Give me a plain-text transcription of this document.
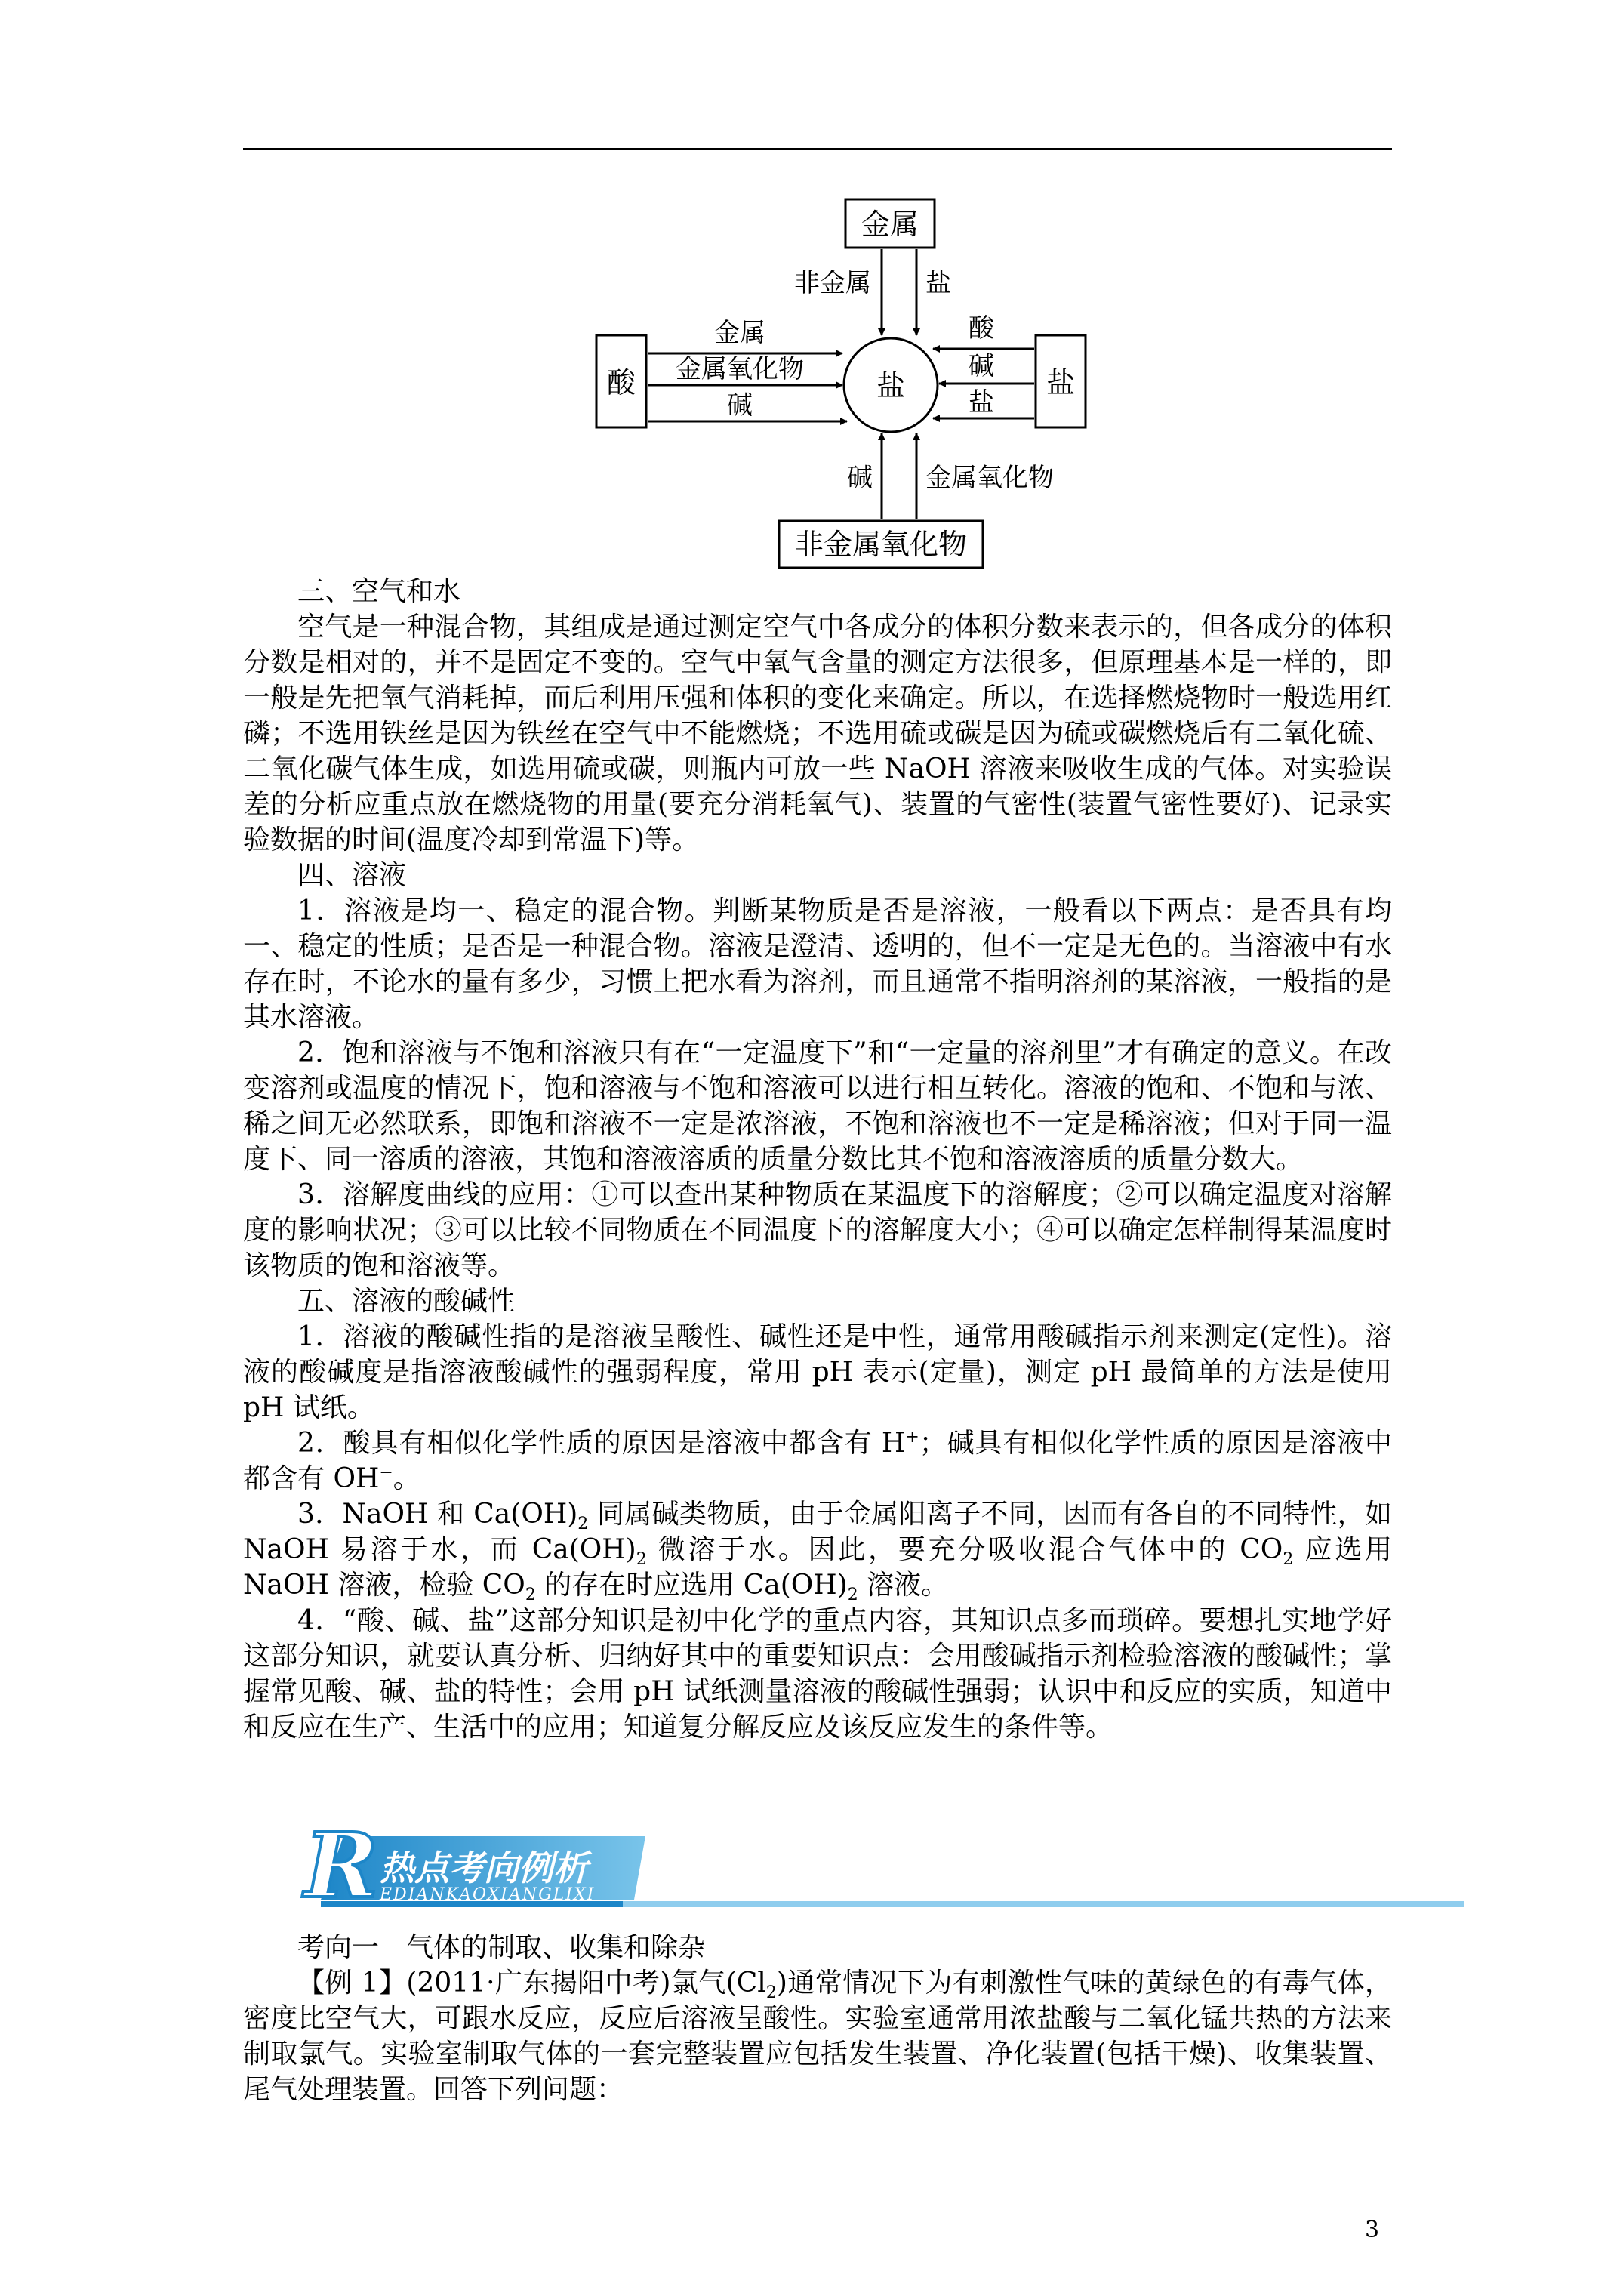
金属
酸	盐
盐
非金属氧化物
非金属 盐
金属
金属氧化物
碱
酸
碱
盐
碱 金属氧化物

三、空气和水

空气是一种混合物，其组成是通过测定空气中各成分的体积分数来表示的，但各成分的体积分数是相对的，并不是固定不变的。空气中氧气含量的测定方法很多，但原理基本是一样的，即一般是先把氧气消耗掉，而后利用压强和体积的变化来确定。所以，在选择燃烧物时一般选用红磷；不选用铁丝是因为铁丝在空气中不能燃烧；不选用硫或碳是因为硫或碳燃烧后有二氧化硫、二氧化碳气体生成，如选用硫或碳，则瓶内可放一些 NaOH 溶液来吸收生成的气体。对实验误差的分析应重点放在燃烧物的用量(要充分消耗氧气)、装置的气密性(装置气密性要好)、记录实验数据的时间(温度冷却到常温下)等。

四、溶液

1．溶液是均一、稳定的混合物。判断某物质是否是溶液，一般看以下两点：是否具有均一、稳定的性质；是否是一种混合物。溶液是澄清、透明的，但不一定是无色的。当溶液中有水存在时，不论水的量有多少，习惯上把水看为溶剂，而且通常不指明溶剂的某溶液，一般指的是其水溶液。

2．饱和溶液与不饱和溶液只有在“一定温度下”和“一定量的溶剂里”才有确定的意义。在改变溶剂或温度的情况下，饱和溶液与不饱和溶液可以进行相互转化。溶液的饱和、不饱和与浓、稀之间无必然联系，即饱和溶液不一定是浓溶液，不饱和溶液也不一定是稀溶液；但对于同一温度下、同一溶质的溶液，其饱和溶液溶质的质量分数比其不饱和溶液溶质的质量分数大。

3．溶解度曲线的应用：①可以查出某种物质在某温度下的溶解度；②可以确定温度对溶解度的影响状况；③可以比较不同物质在不同温度下的溶解度大小；④可以确定怎样制得某温度时该物质的饱和溶液等。

五、溶液的酸碱性

1．溶液的酸碱性指的是溶液呈酸性、碱性还是中性，通常用酸碱指示剂来测定(定性)。溶液的酸碱度是指溶液酸碱性的强弱程度，常用 pH 表示(定量)，测定 pH 最简单的方法是使用 pH 试纸。

2．酸具有相似化学性质的原因是溶液中都含有 H+；碱具有相似化学性质的原因是溶液中都含有 OH−。

3．NaOH 和 $Ca(OH)_2$ 同属碱类物质，由于金属阳离子不同，因而有各自的不同特性，如 NaOH 易溶于水，而 $Ca(OH)_2$ 微溶于水。因此，要充分吸收混合气体中的 $CO_2$ 应选用 NaOH 溶液，检验 $CO_2$ 的存在时应选用 $Ca(OH)_2$ 溶液。

4．“酸、碱、盐”这部分知识是初中化学的重点内容，其知识点多而琐碎。要想扎实地学好这部分知识，就要认真分析、归纳好其中的重要知识点：会用酸碱指示剂检验溶液的酸碱性；掌握常见酸、碱、盐的特性；会用 pH 试纸测量溶液的酸碱性强弱；认识中和反应的实质，知道中和反应在生产、生活中的应用；知道复分解反应及该反应发生的条件等。

R 热点考向例析
EDIANKAOXIANGLIXI

考向一　气体的制取、收集和除杂

【例 1】(2011·广东揭阳中考)氯气$(Cl_2)$通常情况下为有刺激性气味的黄绿色的有毒气体，密度比空气大，可跟水反应，反应后溶液呈酸性。实验室通常用浓盐酸与二氧化锰共热的方法来制取氯气。实验室制取气体的一套完整装置应包括发生装置、净化装置(包括干燥)、收集装置、尾气处理装置。回答下列问题：

3
